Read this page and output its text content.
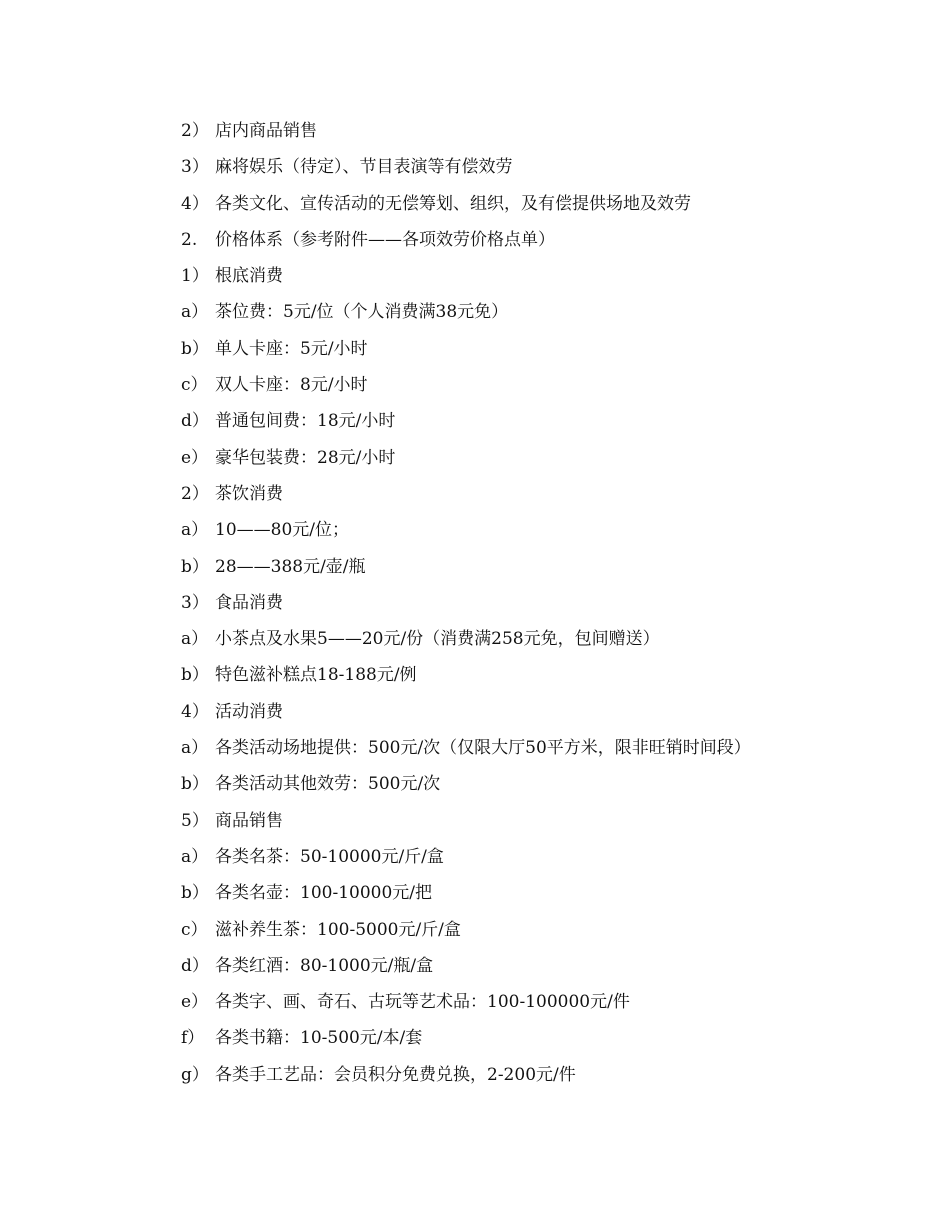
2） 店内商品销售
3） 麻将娱乐（待定）、节目表演等有偿效劳
4） 各类文化、宣传活动的无偿筹划、组织，及有偿提供场地及效劳
2. 价格体系（参考附件——各项效劳价格点单）
1） 根底消费
a） 茶位费：5元/位（个人消费满38元免）
b） 单人卡座：5元/小时
c） 双人卡座：8元/小时
d） 普通包间费：18元/小时
e） 豪华包装费：28元/小时
2） 茶饮消费
a） 10——80元/位；
b） 28——388元/壶/瓶
3） 食品消费
a） 小茶点及水果5——20元/份（消费满258元免，包间赠送）
b） 特色滋补糕点18-188元/例
4） 活动消费
a） 各类活动场地提供：500元/次（仅限大厅50平方米，限非旺销时间段）
b） 各类活动其他效劳：500元/次
5） 商品销售
a） 各类名茶：50-10000元/斤/盒
b） 各类名壶：100-10000元/把
c） 滋补养生茶：100-5000元/斤/盒
d） 各类红酒：80-1000元/瓶/盒
e） 各类字、画、奇石、古玩等艺术品：100-100000元/件
f） 各类书籍：10-500元/本/套
g） 各类手工艺品：会员积分免费兑换，2-200元/件
